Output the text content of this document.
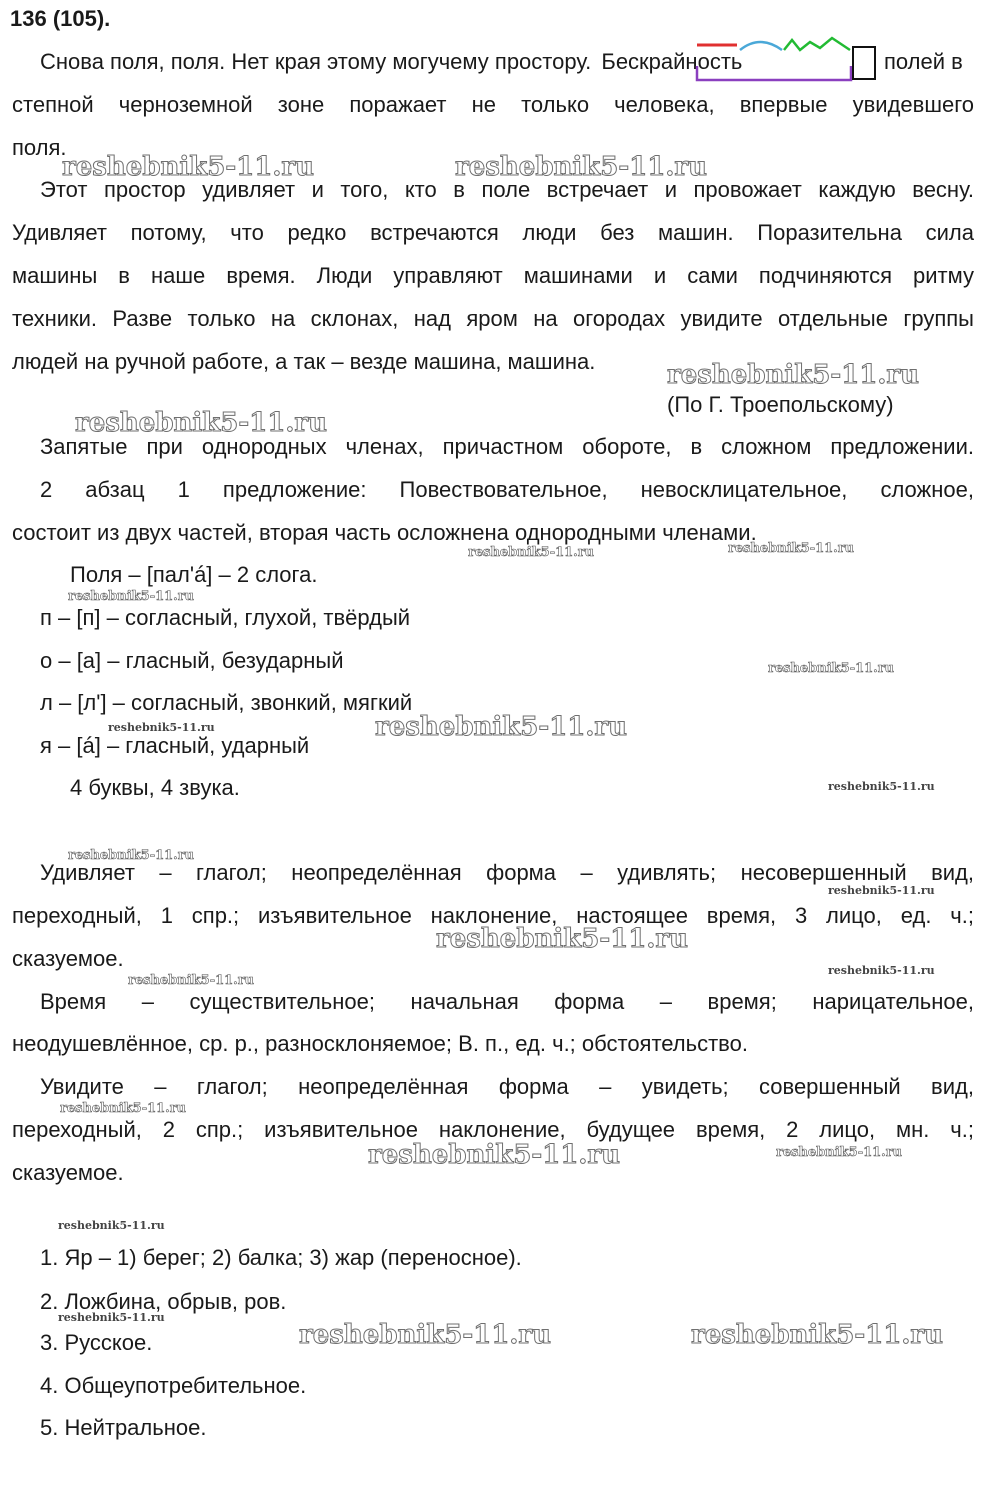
136 (105).
Снова поля, поля. Нет края этому могучему простору. Бескрайность	полей в
степной черноземной зоне поражает не только человека, впервые увидевшего
поля.
Этот простор удивляет и того, кто в поле встречает и провожает каждую весну.
Удивляет потому, что редко встречаются люди без машин. Поразительна сила
машины в наше время. Люди управляют машинами и сами подчиняются ритму
техники. Разве только на склонах, над яром на огородах увидите отдельные группы
людей на ручной работе, а так – везде машина, машина.
(По Г. Троепольскому)
Запятые при однородных членах, причастном обороте, в сложном предложении.
2 абзац 1 предложение: Повествовательное, невосклицательное, сложное,
состоит из двух частей, вторая часть осложнена однородными членами.
Поля – [пал'á] – 2 слога.
п – [п] – согласный, глухой, твёрдый
о – [а] – гласный, безударный
л – [л'] – согласный, звонкий, мягкий
я – [á] – гласный, ударный
4 буквы, 4 звука.
Удивляет – глагол; неопределённая форма – удивлять; несовершенный вид,
переходный, 1 спр.; изъявительное наклонение, настоящее время, 3 лицо, ед. ч.;
сказуемое.
Время – существительное; начальная форма – время; нарицательное,
неодушевлённое, ср. р., разносклоняемое; В. п., ед. ч.; обстоятельство.
Увидите – глагол; неопределённая форма – увидеть; совершенный вид,
переходный, 2 спр.; изъявительное наклонение, будущее время, 2 лицо, мн. ч.;
сказуемое.
1. Яр – 1) берег; 2) балка; 3) жар (переносное).
2. Ложбина, обрыв, ров.
3. Русское.
4. Общеупотребительное.
5. Нейтральное.
reshebnik5-11.ru	reshebnik5-11.ru
reshebnik5-11.ru
reshebnik5-11.ru
reshebnik5-11.ru	reshebnik5-11.ru
reshebnik5-11.ru
reshebnik5-11.ru
reshebnik5-11.ru	reshebnik5-11.ru
reshebnik5-11.ru
reshebnik5-11.ru
reshebnik5-11.ru
reshebnik5-11.ru
reshebnik5-11.ru
reshebnik5-11.ru
reshebnik5-11.ru
reshebnik5-11.ru	reshebnik5-11.ru
reshebnik5-11.ru
reshebnik5-11.ru
reshebnik5-11.ru	reshebnik5-11.ru
